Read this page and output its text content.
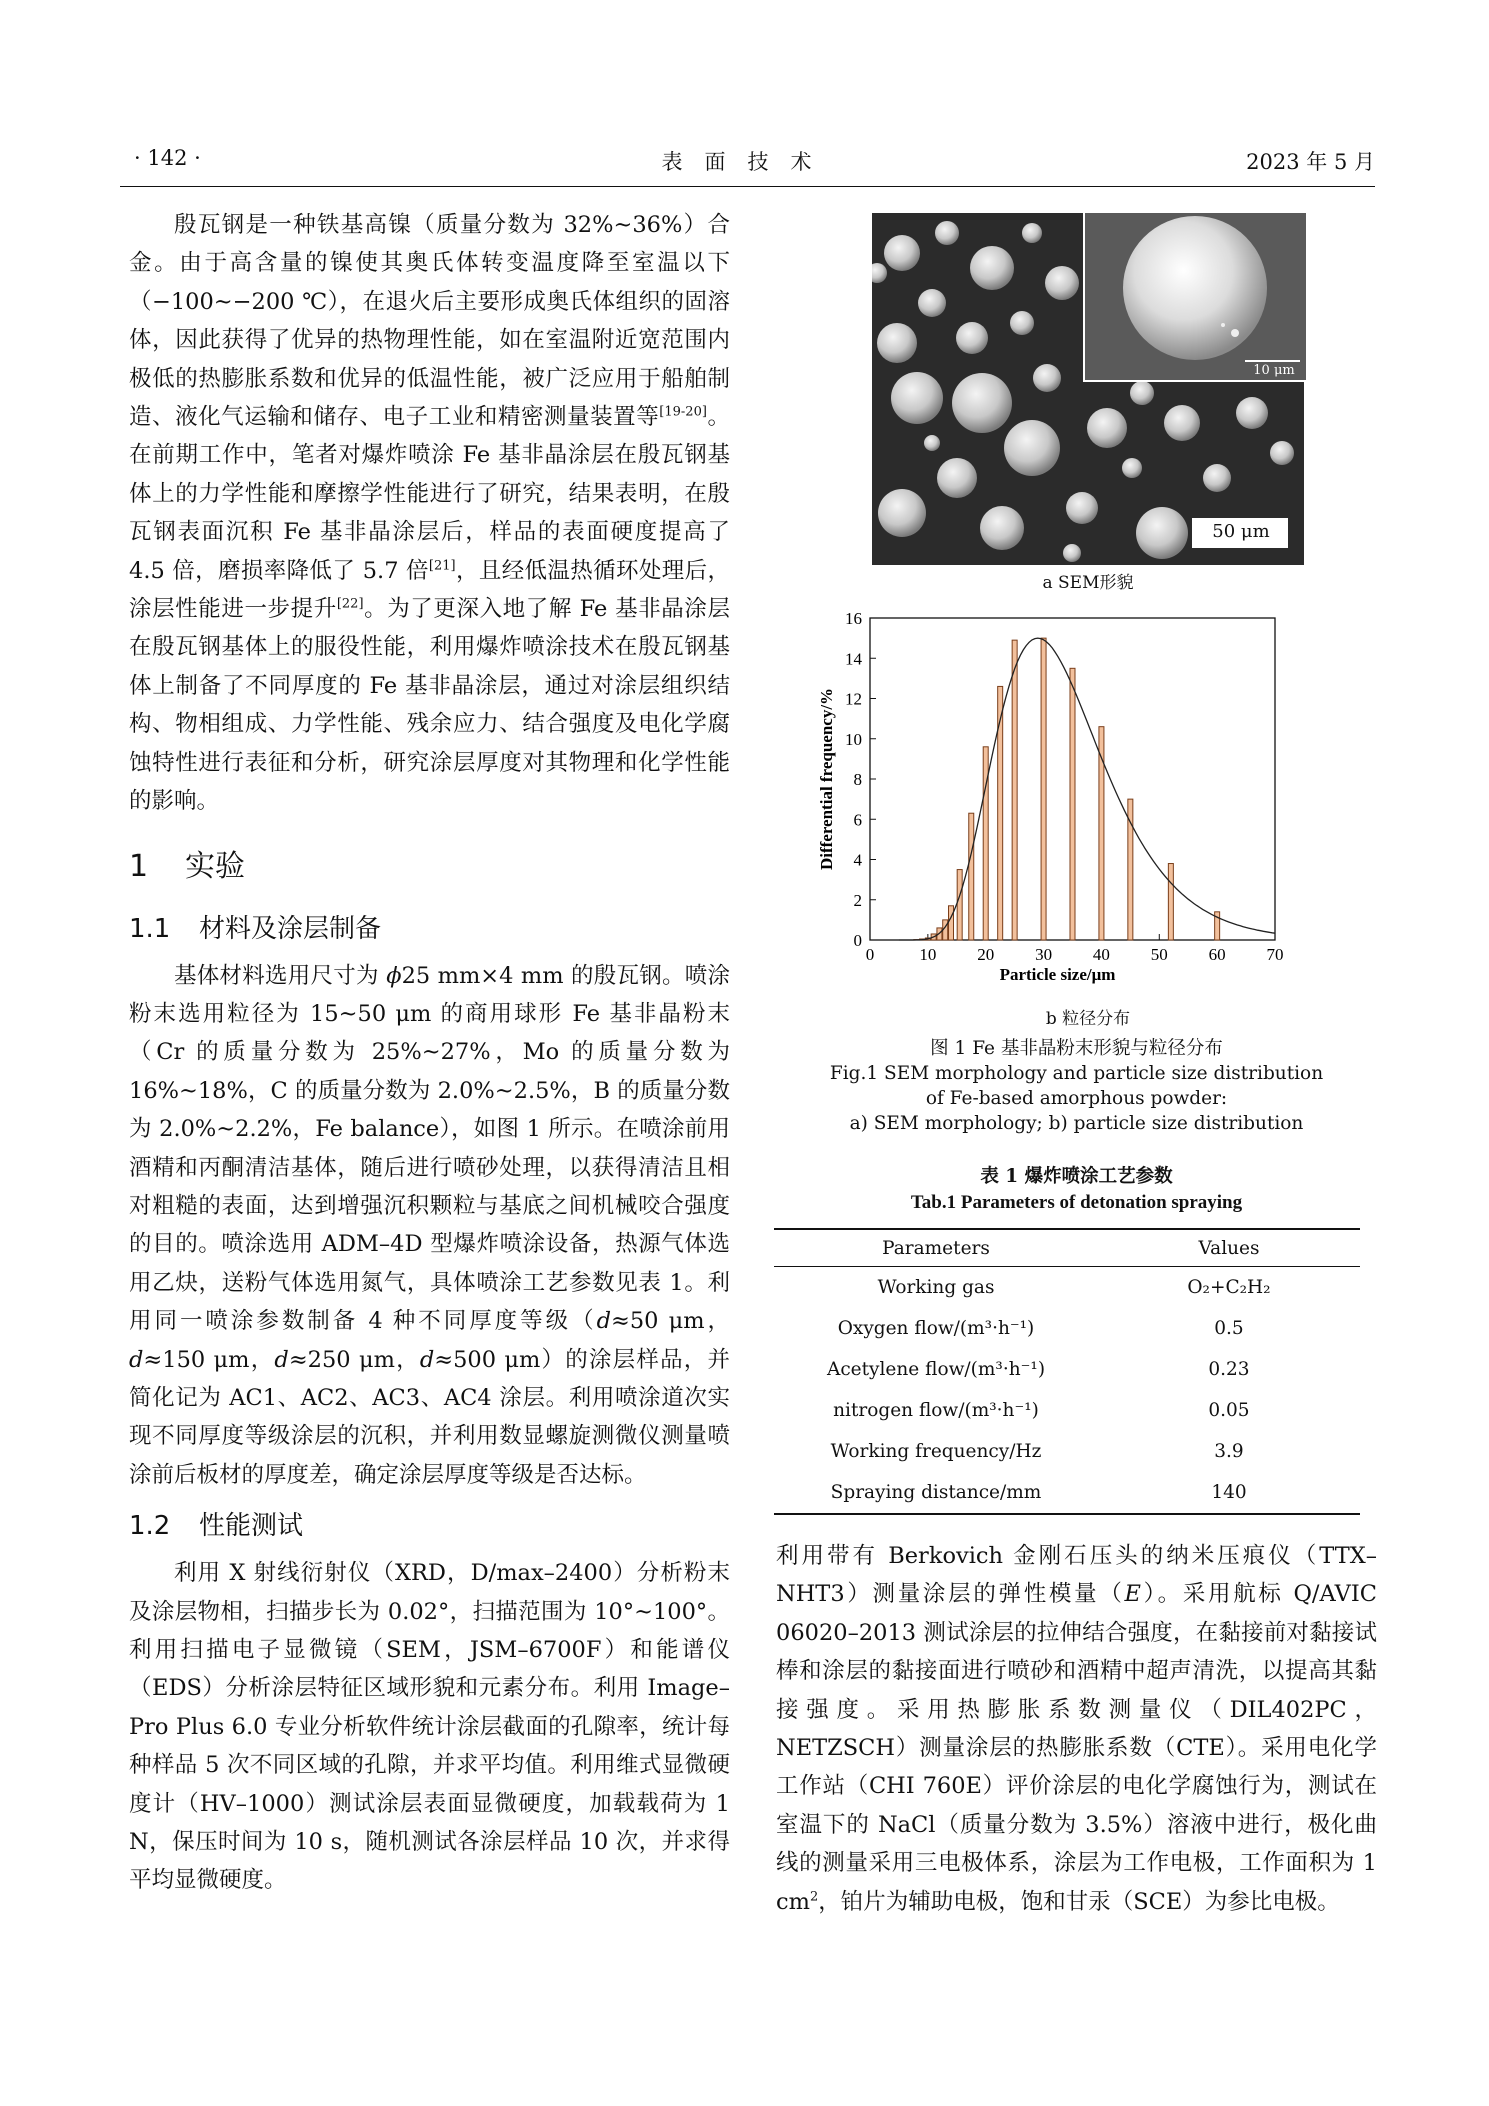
· 142 ·	表面技术	2023 年 5 月

殷瓦钢是一种铁基高镍（质量分数为 32%~36%）合金。由于高含量的镍使其奥氏体转变温度降至室温以下（−100~−200 ℃），在退火后主要形成奥氏体组织的固溶体，因此获得了优异的热物理性能，如在室温附近宽范围内极低的热膨胀系数和优异的低温性能，被广泛应用于船舶制造、液化气运输和储存、电子工业和精密测量装置等[19-20]。在前期工作中，笔者对爆炸喷涂 Fe 基非晶涂层在殷瓦钢基体上的力学性能和摩擦学性能进行了研究，结果表明，在殷瓦钢表面沉积 Fe 基非晶涂层后，样品的表面硬度提高了 4.5 倍，磨损率降低了 5.7 倍[21]，且经低温热循环处理后，涂层性能进一步提升[22]。为了更深入地了解 Fe 基非晶涂层在殷瓦钢基体上的服役性能，利用爆炸喷涂技术在殷瓦钢基体上制备了不同厚度的 Fe 基非晶涂层，通过对涂层组织结构、物相组成、力学性能、残余应力、结合强度及电化学腐蚀特性进行表征和分析，研究涂层厚度对其物理和化学性能的影响。

1 实验
1.1 材料及涂层制备

基体材料选用尺寸为 ϕ25 mm×4 mm 的殷瓦钢。喷涂粉末选用粒径为 15~50 μm 的商用球形 Fe 基非晶粉末（Cr 的质量分数为 25%~27%，Mo 的质量分数为 16%~18%，C 的质量分数为 2.0%~2.5%，B 的质量分数为 2.0%~2.2%，Fe balance），如图 1 所示。在喷涂前用酒精和丙酮清洁基体，随后进行喷砂处理，以获得清洁且相对粗糙的表面，达到增强沉积颗粒与基底之间机械咬合强度的目的。喷涂选用 ADM–4D 型爆炸喷涂设备，热源气体选用乙炔，送粉气体选用氮气，具体喷涂工艺参数见表 1。利用同一喷涂参数制备 4 种不同厚度等级（d≈50 μm，d≈150 μm，d≈250 μm，d≈500 μm）的涂层样品，并简化记为 AC1、AC2、AC3、AC4 涂层。利用喷涂道次实现不同厚度等级涂层的沉积，并利用数显螺旋测微仪测量喷涂前后板材的厚度差，确定涂层厚度等级是否达标。

1.2 性能测试

利用 X 射线衍射仪（XRD，D/max–2400）分析粉末及涂层物相，扫描步长为 0.02°，扫描范围为 10°~100°。利用扫描电子显微镜（SEM，JSM–6700F）和能谱仪（EDS）分析涂层特征区域形貌和元素分布。利用 Image–Pro Plus 6.0 专业分析软件统计涂层截面的孔隙率，统计每种样品 5 次不同区域的孔隙，并求平均值。利用维式显微硬度计（HV–1000）测试涂层表面显微硬度，加载载荷为 1 N，保压时间为 10 s，随机测试各涂层样品 10 次，并求得平均显微硬度。

50 μm
10 μm
a SEM形貌
0
2
4
6
8
10
12
14
16
0	10 20 30 40 50 60 70
Particle size/μm
Differential frequency/%
b 粒径分布
图 1 Fe 基非晶粉末形貌与粒径分布
Fig.1 SEM morphology and particle size distribution
of Fe-based amorphous powder:
a) SEM morphology; b) particle size distribution
表 1 爆炸喷涂工艺参数
Tab.1 Parameters of detonation spraying
Parameters	Values
Working gas	O₂+C₂H₂
Oxygen flow/(m³·h⁻¹)	0.5
Acetylene flow/(m³·h⁻¹)	0.23
nitrogen flow/(m³·h⁻¹)	0.05
Working frequency/Hz	3.9
Spraying distance/mm	140

利用带有 Berkovich 金刚石压头的纳米压痕仪（TTX–NHT3）测量涂层的弹性模量（E）。采用航标 Q/AVIC 06020–2013 测试涂层的拉伸结合强度，在黏接前对黏接试棒和涂层的黏接面进行喷砂和酒精中超声清洗，以提高其黏接强度。采用热膨胀系数测量仪（DIL402PC，NETZSCH）测量涂层的热膨胀系数（CTE）。采用电化学工作站（CHI 760E）评价涂层的电化学腐蚀行为，测试在室温下的 NaCl（质量分数为 3.5%）溶液中进行，极化曲线的测量采用三电极体系，涂层为工作电极，工作面积为 1 $cm^2$，铂片为辅助电极，饱和甘汞（SCE）为参比电极。
